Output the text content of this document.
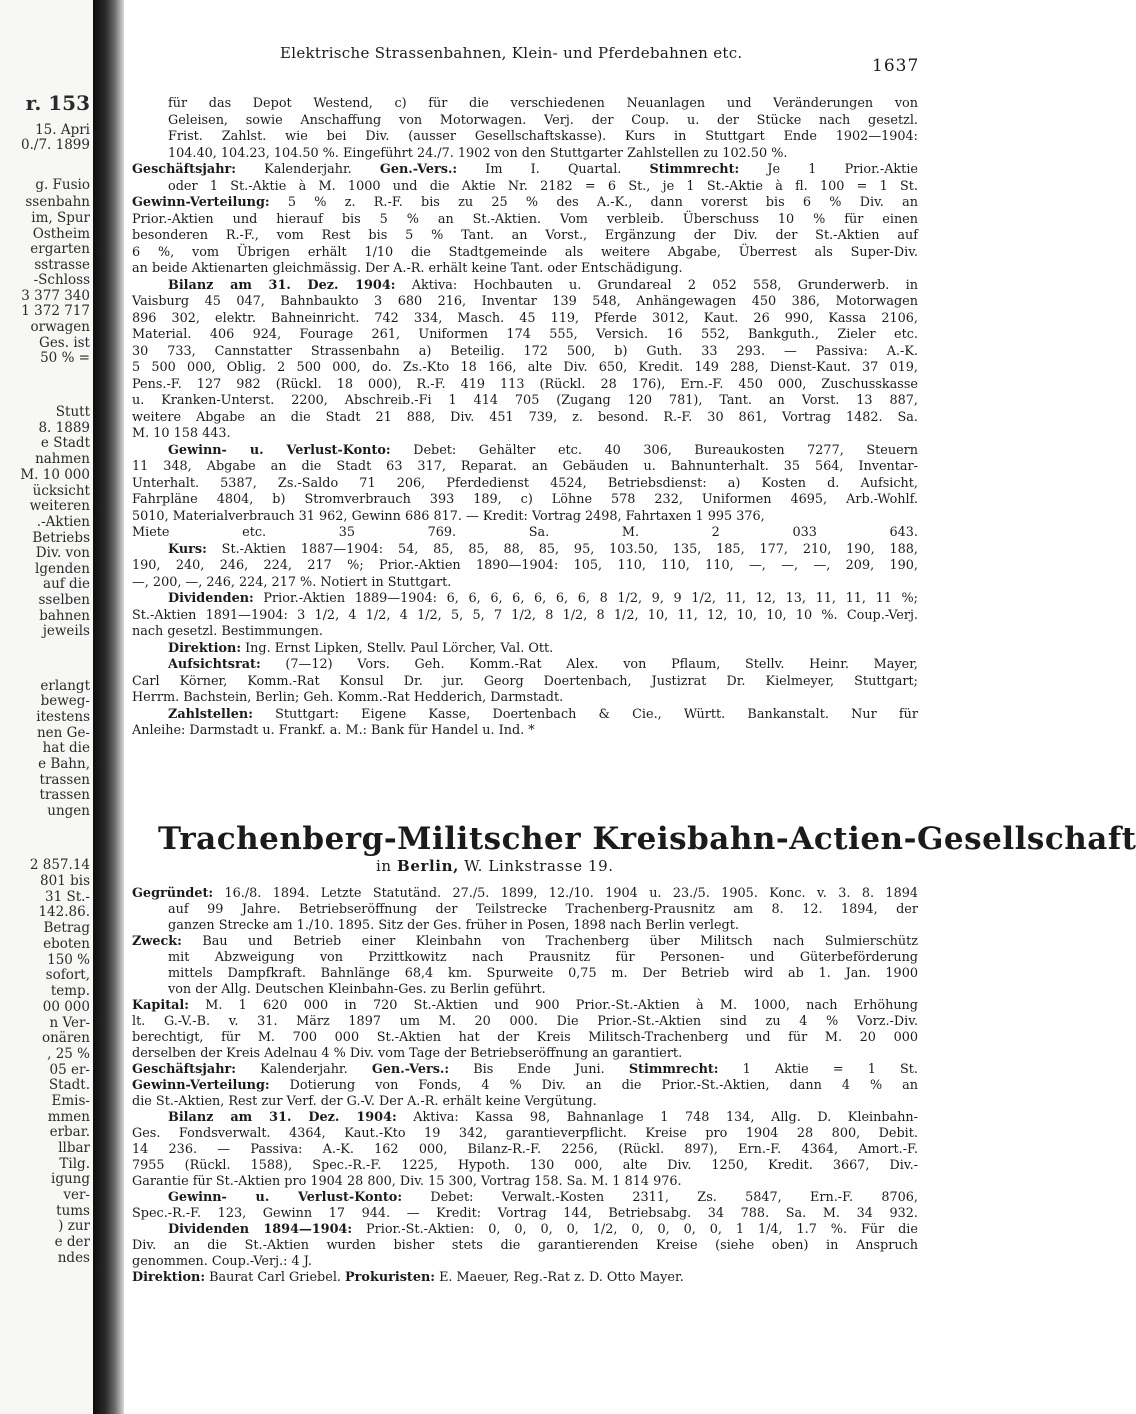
r. 153
15. Apri
0./7. 1899
g. Fusio
ssenbahn
im, Spur
Ostheim
ergarten
sstrasse
-Schloss
3 377 340
1 372 717
orwagen
Ges. ist
50 % =
Stutt
8. 1889
e Stadt
nahmen
M. 10 000
ücksicht
weiteren
.-Aktien
Betriebs
Div. von
lgenden
auf die
sselben
bahnen
jeweils
erlangt
beweg-
itestens
nen Ge-
hat die
e Bahn,
trassen
trassen
ungen
2 857.14
801 bis
31 St.-
142.86.
Betrag
eboten
150 %
sofort,
temp.
00 000
n Ver-
onären
, 25 %
05 er-
Stadt.
Emis-
mmen
erbar.
llbar
Tilg.
igung
ver-
tums
) zur
e der
ndes
Elektrische Strassenbahnen, Klein- und Pferdebahnen etc.
1637
für das Depot Westend, c) für die verschiedenen Neuanlagen und Veränderungen von
Geleisen, sowie Anschaffung von Motorwagen. Verj. der Coup. u. der Stücke nach gesetzl.
Frist. Zahlst. wie bei Div. (ausser Gesellschaftskasse). Kurs in Stuttgart Ende 1902—1904:
104.40, 104.23, 104.50 %. Eingeführt 24./7. 1902 von den Stuttgarter Zahlstellen zu 102.50 %.
Geschäftsjahr: Kalenderjahr. Gen.-Vers.: Im I. Quartal. Stimmrecht: Je 1 Prior.-Aktie
oder 1 St.-Aktie à M. 1000 und die Aktie Nr. 2182 = 6 St., je 1 St.-Aktie à fl. 100 = 1 St.
Gewinn-Verteilung: 5 % z. R.-F. bis zu 25 % des A.-K., dann vorerst bis 6 % Div. an
Prior.-Aktien und hierauf bis 5 % an St.-Aktien. Vom verbleib. Überschuss 10 % für einen
besonderen R.-F., vom Rest bis 5 % Tant. an Vorst., Ergänzung der Div. der St.-Aktien auf
6 %, vom Übrigen erhält 1/10 die Stadtgemeinde als weitere Abgabe, Überrest als Super-Div.
an beide Aktienarten gleichmässig. Der A.-R. erhält keine Tant. oder Entschädigung.
Bilanz am 31. Dez. 1904: Aktiva: Hochbauten u. Grundareal 2 052 558, Grunderwerb. in
Vaisburg 45 047, Bahnbaukto 3 680 216, Inventar 139 548, Anhängewagen 450 386, Motorwagen
896 302, elektr. Bahneinricht. 742 334, Masch. 45 119, Pferde 3012, Kaut. 26 990, Kassa 2106,
Material. 406 924, Fourage 261, Uniformen 174 555, Versich. 16 552, Bankguth., Zieler etc.
30 733, Cannstatter Strassenbahn a) Beteilig. 172 500, b) Guth. 33 293. — Passiva: A.-K.
5 500 000, Oblig. 2 500 000, do. Zs.-Kto 18 166, alte Div. 650, Kredit. 149 288, Dienst-Kaut. 37 019,
Pens.-F. 127 982 (Rückl. 18 000), R.-F. 419 113 (Rückl. 28 176), Ern.-F. 450 000, Zuschusskasse
u. Kranken-Unterst. 2200, Abschreib.-Fi 1 414 705 (Zugang 120 781), Tant. an Vorst. 13 887,
weitere Abgabe an die Stadt 21 888, Div. 451 739, z. besond. R.-F. 30 861, Vortrag 1482. Sa.
M. 10 158 443.
Gewinn- u. Verlust-Konto: Debet: Gehälter etc. 40 306, Bureaukosten 7277, Steuern
11 348, Abgabe an die Stadt 63 317, Reparat. an Gebäuden u. Bahnunterhalt. 35 564, Inventar-
Unterhalt. 5387, Zs.-Saldo 71 206, Pferdedienst 4524, Betriebsdienst: a) Kosten d. Aufsicht,
Fahrpläne 4804, b) Stromverbrauch 393 189, c) Löhne 578 232, Uniformen 4695, Arb.-Wohlf.
5010, Materialverbrauch 31 962, Gewinn 686 817. — Kredit: Vortrag 2498, Fahrtaxen 1 995 376,
Miete etc. 35 769. Sa. M. 2 033 643.
Kurs: St.-Aktien 1887—1904: 54, 85, 85, 88, 85, 95, 103.50, 135, 185, 177, 210, 190, 188,
190, 240, 246, 224, 217 %; Prior.-Aktien 1890—1904: 105, 110, 110, 110, —, —, —, 209, 190,
—, 200, —, 246, 224, 217 %. Notiert in Stuttgart.
Dividenden: Prior.-Aktien 1889—1904: 6, 6, 6, 6, 6, 6, 6, 8 1/2, 9, 9 1/2, 11, 12, 13, 11, 11, 11 %;
St.-Aktien 1891—1904: 3 1/2, 4 1/2, 4 1/2, 5, 5, 7 1/2, 8 1/2, 8 1/2, 10, 11, 12, 10, 10, 10 %. Coup.-Verj.
nach gesetzl. Bestimmungen.
Direktion: Ing. Ernst Lipken, Stellv. Paul Lörcher, Val. Ott.
Aufsichtsrat: (7—12) Vors. Geh. Komm.-Rat Alex. von Pflaum, Stellv. Heinr. Mayer,
Carl Körner, Komm.-Rat Konsul Dr. jur. Georg Doertenbach, Justizrat Dr. Kielmeyer, Stuttgart;
Herrm. Bachstein, Berlin; Geh. Komm.-Rat Hedderich, Darmstadt.
Zahlstellen: Stuttgart: Eigene Kasse, Doertenbach & Cie., Württ. Bankanstalt. Nur für
Anleihe: Darmstadt u. Frankf. a. M.: Bank für Handel u. Ind. *
Trachenberg-Militscher Kreisbahn-Actien-Gesellschaft
in Berlin, W. Linkstrasse 19.
Gegründet: 16./8. 1894. Letzte Statutänd. 27./5. 1899, 12./10. 1904 u. 23./5. 1905. Konc. v. 3. 8. 1894
auf 99 Jahre. Betriebseröffnung der Teilstrecke Trachenberg-Prausnitz am 8. 12. 1894, der
ganzen Strecke am 1./10. 1895. Sitz der Ges. früher in Posen, 1898 nach Berlin verlegt.
Zweck: Bau und Betrieb einer Kleinbahn von Trachenberg über Militsch nach Sulmierschütz
mit Abzweigung von Przittkowitz nach Prausnitz für Personen- und Güterbeförderung
mittels Dampfkraft. Bahnlänge 68,4 km. Spurweite 0,75 m. Der Betrieb wird ab 1. Jan. 1900
von der Allg. Deutschen Kleinbahn-Ges. zu Berlin geführt.
Kapital: M. 1 620 000 in 720 St.-Aktien und 900 Prior.-St.-Aktien à M. 1000, nach Erhöhung
lt. G.-V.-B. v. 31. März 1897 um M. 20 000. Die Prior.-St.-Aktien sind zu 4 % Vorz.-Div.
berechtigt, für M. 700 000 St.-Aktien hat der Kreis Militsch-Trachenberg und für M. 20 000
derselben der Kreis Adelnau 4 % Div. vom Tage der Betriebseröffnung an garantiert.
Geschäftsjahr: Kalenderjahr. Gen.-Vers.: Bis Ende Juni. Stimmrecht: 1 Aktie = 1 St.
Gewinn-Verteilung: Dotierung von Fonds, 4 % Div. an die Prior.-St.-Aktien, dann 4 % an
die St.-Aktien, Rest zur Verf. der G.-V. Der A.-R. erhält keine Vergütung.
Bilanz am 31. Dez. 1904: Aktiva: Kassa 98, Bahnanlage 1 748 134, Allg. D. Kleinbahn-
Ges. Fondsverwalt. 4364, Kaut.-Kto 19 342, garantieverpflicht. Kreise pro 1904 28 800, Debit.
14 236. — Passiva: A.-K. 162 000, Bilanz-R.-F. 2256, (Rückl. 897), Ern.-F. 4364, Amort.-F.
7955 (Rückl. 1588), Spec.-R.-F. 1225, Hypoth. 130 000, alte Div. 1250, Kredit. 3667, Div.-
Garantie für St.-Aktien pro 1904 28 800, Div. 15 300, Vortrag 158. Sa. M. 1 814 976.
Gewinn- u. Verlust-Konto: Debet: Verwalt.-Kosten 2311, Zs. 5847, Ern.-F. 8706,
Spec.-R.-F. 123, Gewinn 17 944. — Kredit: Vortrag 144, Betriebsabg. 34 788. Sa. M. 34 932.
Dividenden 1894—1904: Prior.-St.-Aktien: 0, 0, 0, 0, 1/2, 0, 0, 0, 0, 1 1/4, 1.7 %. Für die
Div. an die St.-Aktien wurden bisher stets die garantierenden Kreise (siehe oben) in Anspruch
genommen. Coup.-Verj.: 4 J.
Direktion: Baurat Carl Griebel. Prokuristen: E. Maeuer, Reg.-Rat z. D. Otto Mayer.
